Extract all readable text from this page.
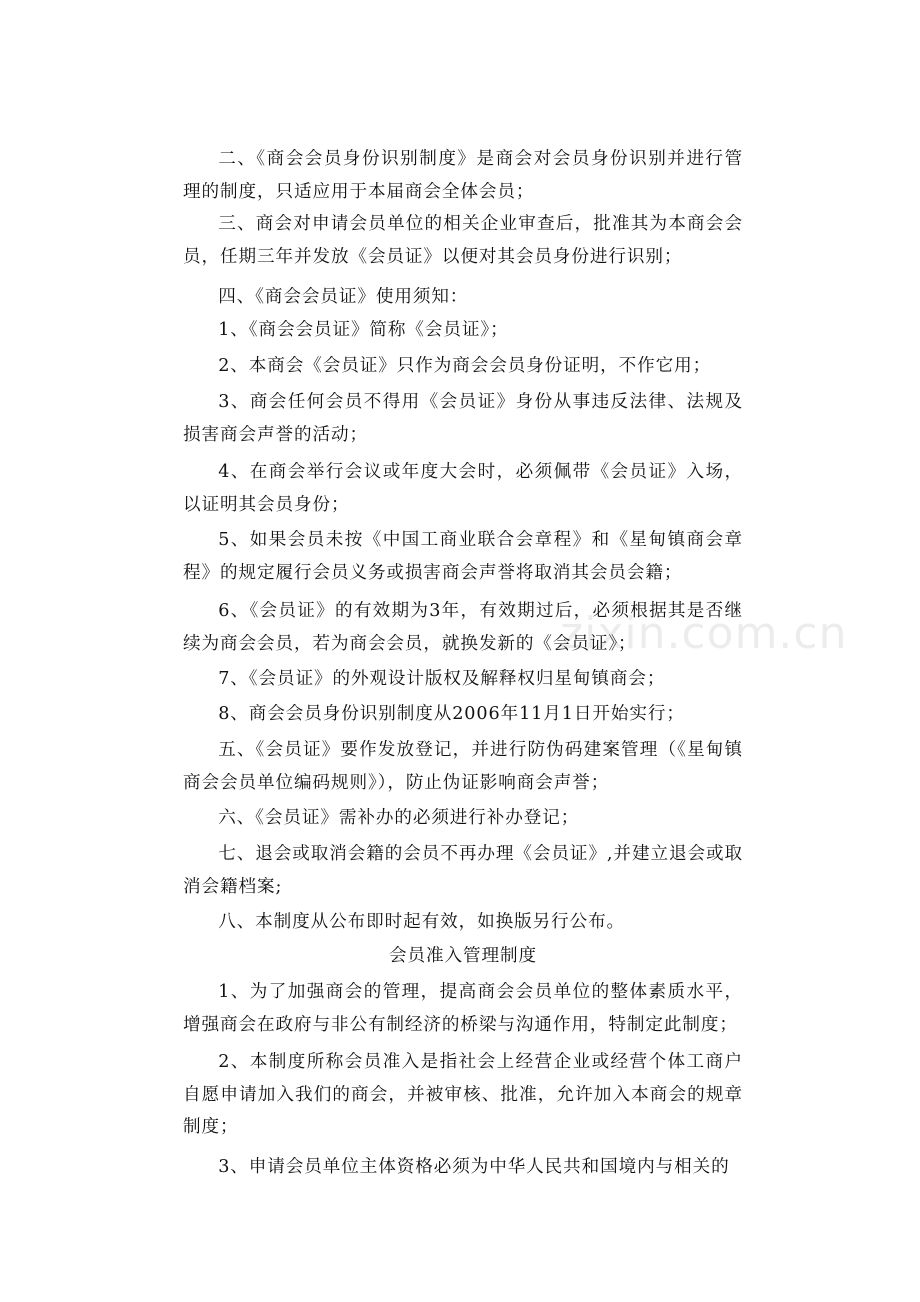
二、《商会会员身份识别制度》是商会对会员身份识别并进行管理的制度，只适应用于本届商会全体会员；

三、商会对申请会员单位的相关企业审查后，批准其为本商会会员，任期三年并发放《会员证》以便对其会员身份进行识别；

四、《商会会员证》使用须知：

1、《商会会员证》简称《会员证》；

2、本商会《会员证》只作为商会会员身份证明，不作它用；

3、商会任何会员不得用《会员证》身份从事违反法律、法规及损害商会声誉的活动；

4、在商会举行会议或年度大会时，必须佩带《会员证》入场，以证明其会员身份；

5、如果会员未按《中国工商业联合会章程》和《星甸镇商会章程》的规定履行会员义务或损害商会声誉将取消其会员会籍；

6、《会员证》的有效期为3年，有效期过后，必须根据其是否继续为商会会员，若为商会会员，就换发新的《会员证》；

7、《会员证》的外观设计版权及解释权归星甸镇商会；

8、商会会员身份识别制度从2006年11月1日开始实行；

五、《会员证》要作发放登记，并进行防伪码建案管理（《星甸镇商会会员单位编码规则》），防止伪证影响商会声誉；

六、《会员证》需补办的必须进行补办登记；

七、退会或取消会籍的会员不再办理《会员证》,并建立退会或取消会籍档案;

八、本制度从公布即时起有效，如换版另行公布。

会员准入管理制度

1、为了加强商会的管理，提高商会会员单位的整体素质水平，增强商会在政府与非公有制经济的桥梁与沟通作用，特制定此制度；

2、本制度所称会员准入是指社会上经营企业或经营个体工商户自愿申请加入我们的商会，并被审核、批准，允许加入本商会的规章制度；

3、申请会员单位主体资格必须为中华人民共和国境内与相关的

zixin.com.cn
